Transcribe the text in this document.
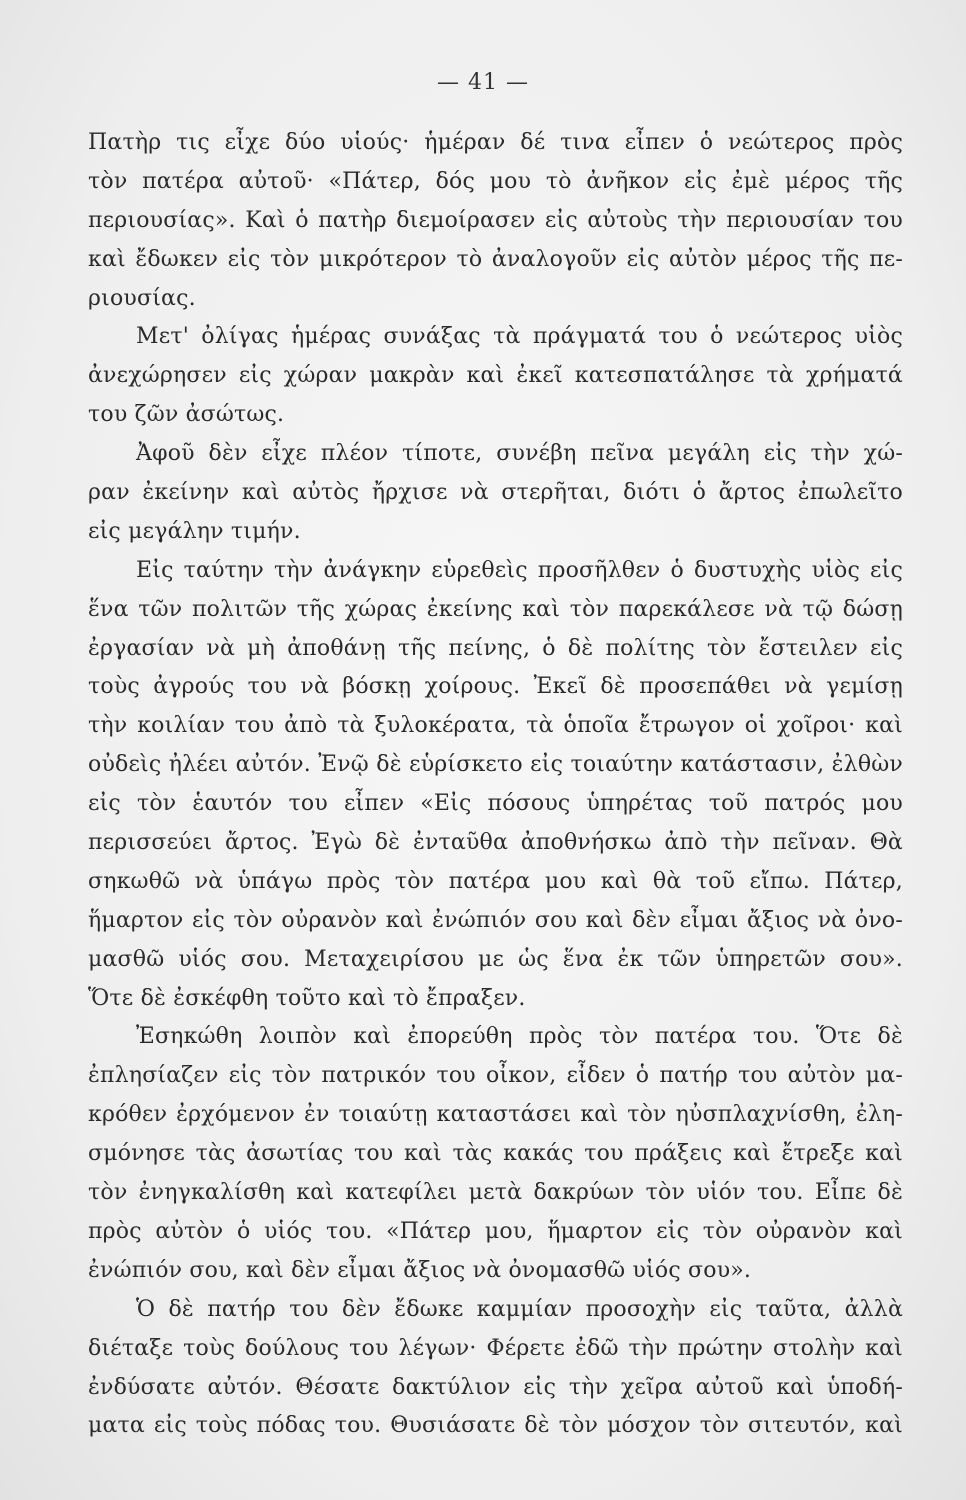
— 41 —
Πατὴρ τις εἶχε δύο υἱούς· ἡμέραν δέ τινα εἶπεν ὁ νεώτερος πρὸς
τὸν πατέρα αὐτοῦ· «Πάτερ, δός μου τὸ ἀνῆκον εἰς ἐμὲ μέρος τῆς
περιουσίας». Καὶ ὁ πατὴρ διεμοίρασεν εἰς αὐτοὺς τὴν περιουσίαν του
καὶ ἔδωκεν εἰς τὸν μικρότερον τὸ ἀναλογοῦν εἰς αὐτὸν μέρος τῆς πε-
ριουσίας.
Μετ' ὀλίγας ἡμέρας συνάξας τὰ πράγματά του ὁ νεώτερος υἱὸς
ἀνεχώρησεν εἰς χώραν μακρὰν καὶ ἐκεῖ κατεσπατάλησε τὰ χρήματά
του ζῶν ἀσώτως.
Ἀφοῦ δὲν εἶχε πλέον τίποτε, συνέβη πεῖνα μεγάλη εἰς τὴν χώ-
ραν ἐκείνην καὶ αὐτὸς ἤρχισε νὰ στερῆται, διότι ὁ ἄρτος ἐπωλεῖτο
εἰς μεγάλην τιμήν.
Εἰς ταύτην τὴν ἀνάγκην εὑρεθεὶς προσῆλθεν ὁ δυστυχὴς υἱὸς εἰς
ἕνα τῶν πολιτῶν τῆς χώρας ἐκείνης καὶ τὸν παρεκάλεσε νὰ τῷ δώσῃ
ἐργασίαν νὰ μὴ ἀποθάνῃ τῆς πείνης, ὁ δὲ πολίτης τὸν ἔστειλεν εἰς
τοὺς ἀγρούς του νὰ βόσκῃ χοίρους. Ἐκεῖ δὲ προσεπάθει νὰ γεμίσῃ
τὴν κοιλίαν του ἀπὸ τὰ ξυλοκέρατα, τὰ ὁποῖα ἔτρωγον οἱ χοῖροι· καὶ
οὐδεὶς ἠλέει αὐτόν. Ἐνῷ δὲ εὑρίσκετο εἰς τοιαύτην κατάστασιν, ἐλθὼν
εἰς τὸν ἑαυτόν του εἶπεν «Εἰς πόσους ὑπηρέτας τοῦ πατρός μου
περισσεύει ἄρτος. Ἐγὼ δὲ ἐνταῦθα ἀποθνήσκω ἀπὸ τὴν πεῖναν. Θὰ
σηκωθῶ νὰ ὑπάγω πρὸς τὸν πατέρα μου καὶ θὰ τοῦ εἴπω. Πάτερ,
ἥμαρτον εἰς τὸν οὐρανὸν καὶ ἐνώπιόν σου καὶ δὲν εἶμαι ἄξιος νὰ ὀνο-
μασθῶ υἱός σου. Μεταχειρίσου με ὡς ἕνα ἐκ τῶν ὑπηρετῶν σου».
Ὅτε δὲ ἐσκέφθη τοῦτο καὶ τὸ ἔπραξεν.
Ἐσηκώθη λοιπὸν καὶ ἐπορεύθη πρὸς τὸν πατέρα του. Ὅτε δὲ
ἐπλησίαζεν εἰς τὸν πατρικόν του οἶκον, εἶδεν ὁ πατήρ του αὐτὸν μα-
κρόθεν ἐρχόμενον ἐν τοιαύτῃ καταστάσει καὶ τὸν ηὐσπλαχνίσθη, ἐλη-
σμόνησε τὰς ἀσωτίας του καὶ τὰς κακάς του πράξεις καὶ ἔτρεξε καὶ
τὸν ἐνηγκαλίσθη καὶ κατεφίλει μετὰ δακρύων τὸν υἱόν του. Εἶπε δὲ
πρὸς αὐτὸν ὁ υἱός του. «Πάτερ μου, ἥμαρτον εἰς τὸν οὐρανὸν καὶ
ἐνώπιόν σου, καὶ δὲν εἶμαι ἄξιος νὰ ὀνομασθῶ υἱός σου».
Ὁ δὲ πατήρ του δὲν ἔδωκε καμμίαν προσοχὴν εἰς ταῦτα, ἀλλὰ
διέταξε τοὺς δούλους του λέγων· Φέρετε ἐδῶ τὴν πρώτην στολὴν καὶ
ἐνδύσατε αὐτόν. Θέσατε δακτύλιον εἰς τὴν χεῖρα αὐτοῦ καὶ ὑποδή-
ματα εἰς τοὺς πόδας του. Θυσιάσατε δὲ τὸν μόσχον τὸν σιτευτόν, καὶ
